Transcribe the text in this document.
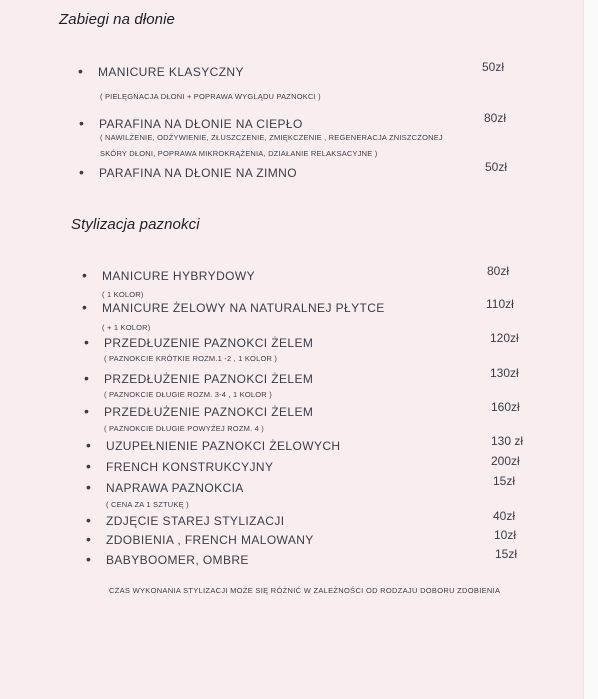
Zabiegi na dłonie
• MANICURE KLASYCZNY	50zł
( PIELĘGNACJA DŁONI + POPRAWA WYGLĄDU PAZNOKCI )
• PARAFINA NA DŁONIE NA CIEPŁO	80zł
( NAWILŻENIE, ODŻYWIENIE, ZŁUSZCZENIE, ZMIĘKCZENIE , REGENERACJA ZNISZCZONEJ
SKÓRY DŁONI, POPRAWA MIKROKRĄŻENIA, DZIAŁANIE RELAKSACYJNE )
• PARAFINA NA DŁONIE NA ZIMNO	50zł
Stylizacja paznokci
• MANICURE HYBRYDOWY	80zł
( 1 KOLOR)
• MANICURE ŻELOWY NA NATURALNEJ PŁYTCE	110zł
( + 1 KOLOR)
• PRZEDŁUZENIE PAZNOKCI ŻELEM	120zł
( PAZNOKCIE KRÓTKIE ROZM.1 -2 , 1 KOLOR )
• PRZEDŁUŻENIE PAZNOKCI ŻELEM	130zł
( PAZNOKCIE DŁUGIE ROZM. 3-4 , 1 KOLOR )
• PRZEDŁUŻENIE PAZNOKCI ŻELEM	160zł
( PAZNOKCIE DŁUGIE POWYŻEJ ROZM. 4 )
• UZUPEŁNIENIE PAZNOKCI ŻELOWYCH	130 zł
• FRENCH KONSTRUKCYJNY	200zł
• NAPRAWA PAZNOKCIA	15zł
( CENA ZA 1 SZTUKĘ )
• ZDJĘCIE STAREJ STYLIZACJI	40zł
• ZDOBIENIA , FRENCH MALOWANY	10zł
• BABYBOOMER, OMBRE	15zł
CZAS WYKONANIA STYLIZACJI MOŻE SIĘ RÓŻNIĆ W ZALEŻNOŚCI OD RODZAJU DOBORU ZDOBIENIA
